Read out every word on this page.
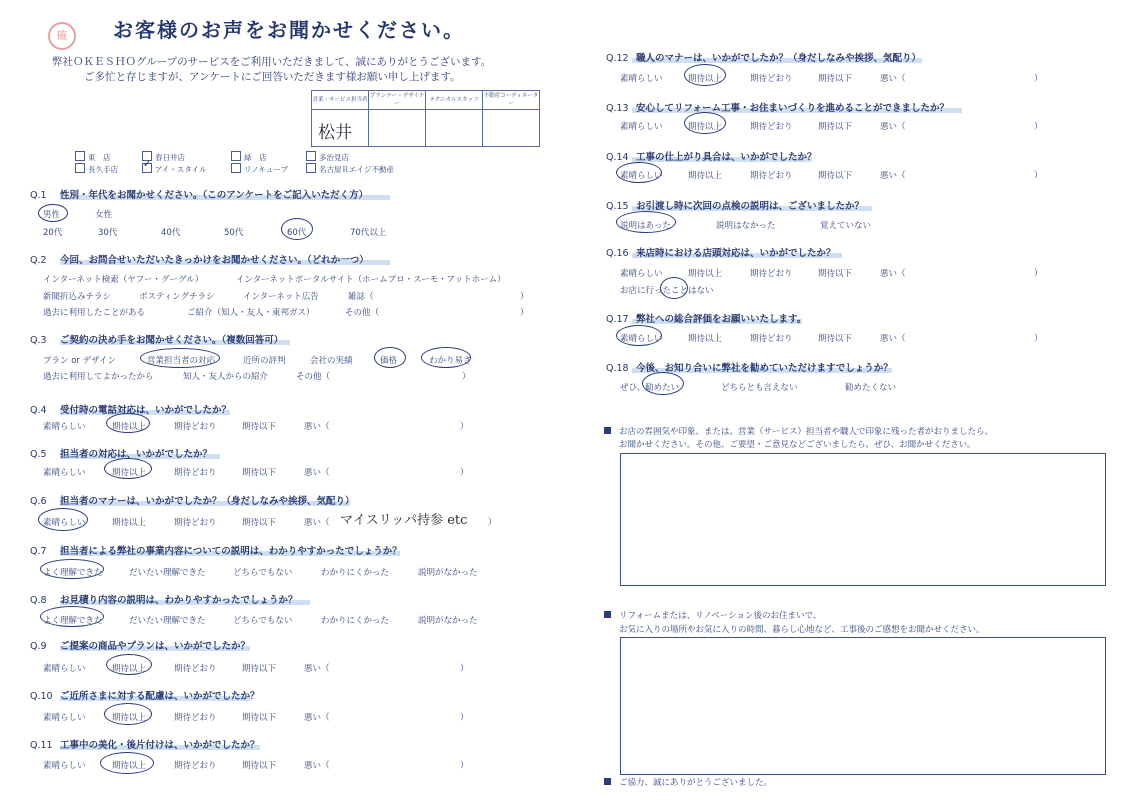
確	お客様のお声をお聞かせください。
弊社ＯＫＥＳＨＯグループのサービスをご利用いただきまして、誠にありがとうございます。
ご多忙と存じますが、アンケートにご回答いただきます様お願い申し上げます。
営業・サービス担当者	プランナー・デザイナー	テクニカルスタッフ	不動産コーディネーター

松井
東　店	春日井店	緑　店	多治見店
長久手店	✓ アイ・スタイル	リノキューブ	名古屋Ｒエイジ不動産
Q.1 性別・年代をお聞かせください。（このアンケートをご記入いただく方）
男性	女性
20代	30代	40代	50代	60代	70代以上
Q.2 今回、お問合せいただいたきっかけをお聞かせください。（どれか一つ）
インターネット検索（ヤフー・グーグル）	インターネットポータルサイト（ホームプロ・スーモ・アットホーム）
新聞折込みチラシ	ポスティングチラシ	インターネット広告	雑誌（	）
過去に利用したことがある	ご紹介（知人・友人・東邦ガス）	その他（	）
Q.3 ご契約の決め手をお聞かせください。（複数回答可）
プラン or デザイン	営業担当者の対応	近所の評判	会社の実績	価格	わかり易さ
過去に利用してよかったから	知人・友人からの紹介	その他（	）
Q.4 受付時の電話対応は、いかがでしたか？
素晴らしい	期待以上	期待どおり	期待以下	悪い（	）
Q.5 担当者の対応は、いかがでしたか？
素晴らしい	期待以上	期待どおり	期待以下	悪い（	）
Q.6 担当者のマナーは、いかがでしたか？（身だしなみや挨拶、気配り）
素晴らしい	期待以上	期待どおり	期待以下	悪い（	）
マイスリッパ持参 etc
Q.7 担当者による弊社の事業内容についての説明は、わかりやすかったでしょうか？
よく理解できた	だいたい理解できた	どちらでもない	わかりにくかった	説明がなかった
Q.8 お見積り内容の説明は、わかりやすかったでしょうか？
よく理解できた	だいたい理解できた	どちらでもない	わかりにくかった	説明がなかった
Q.9 ご提案の商品やプランは、いかがでしたか？
素晴らしい	期待以上	期待どおり	期待以下	悪い（	）
Q.10 ご近所さまに対する配慮は、いかがでしたか？
素晴らしい	期待以上	期待どおり	期待以下	悪い（	）
Q.11 工事中の美化・後片付けは、いかがでしたか？
素晴らしい	期待以上	期待どおり	期待以下	悪い（	）
Q.12 職人のマナーは、いかがでしたか？（身だしなみや挨拶、気配り）
素晴らしい	期待以上	期待どおり	期待以下	悪い（	）
Q.13 安心してリフォーム工事・お住まいづくりを進めることができましたか？
素晴らしい	期待以上	期待どおり	期待以下	悪い（	）
Q.14 工事の仕上がり具合は、いかがでしたか？
素晴らしい	期待以上	期待どおり	期待以下	悪い（	）
Q.15 お引渡し時に次回の点検の説明は、ございましたか？
説明はあった	説明はなかった	覚えていない
Q.16 来店時における店頭対応は、いかがでしたか？
素晴らしい	期待以上	期待どおり	期待以下	悪い（	）
お店に行ったことはない
Q.17 弊社への総合評価をお願いいたします。
素晴らしい	期待以上	期待どおり	期待以下	悪い（	）
Q.18 今後、お知り合いに弊社を勧めていただけますでしょうか？
ぜひ、勧めたい	どちらとも言えない	勧めたくない
お店の雰囲気や印象、または、営業（サービス）担当者や職人で印象に残った者がおりましたら、
お聞かせください。その他、ご要望・ご意見などございましたら、ぜひ、お聞かせください。
リフォームまたは、リノベーション後のお住まいで、
お気に入りの場所やお気に入りの時間、暮らし心地など、工事後のご感想をお聞かせください。
ご協力、誠にありがとうございました。
